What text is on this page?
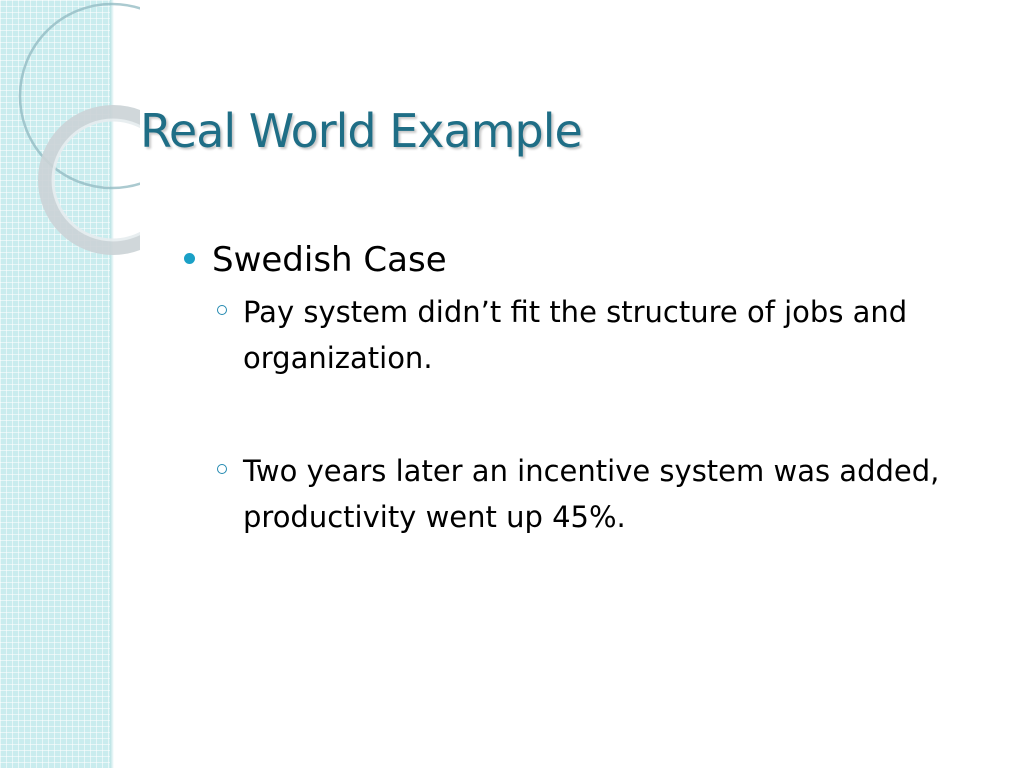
Real World Example
Swedish Case
Pay system didn’t fit the structure of jobs and organization.
Two years later an incentive system was added, productivity went up 45%.
